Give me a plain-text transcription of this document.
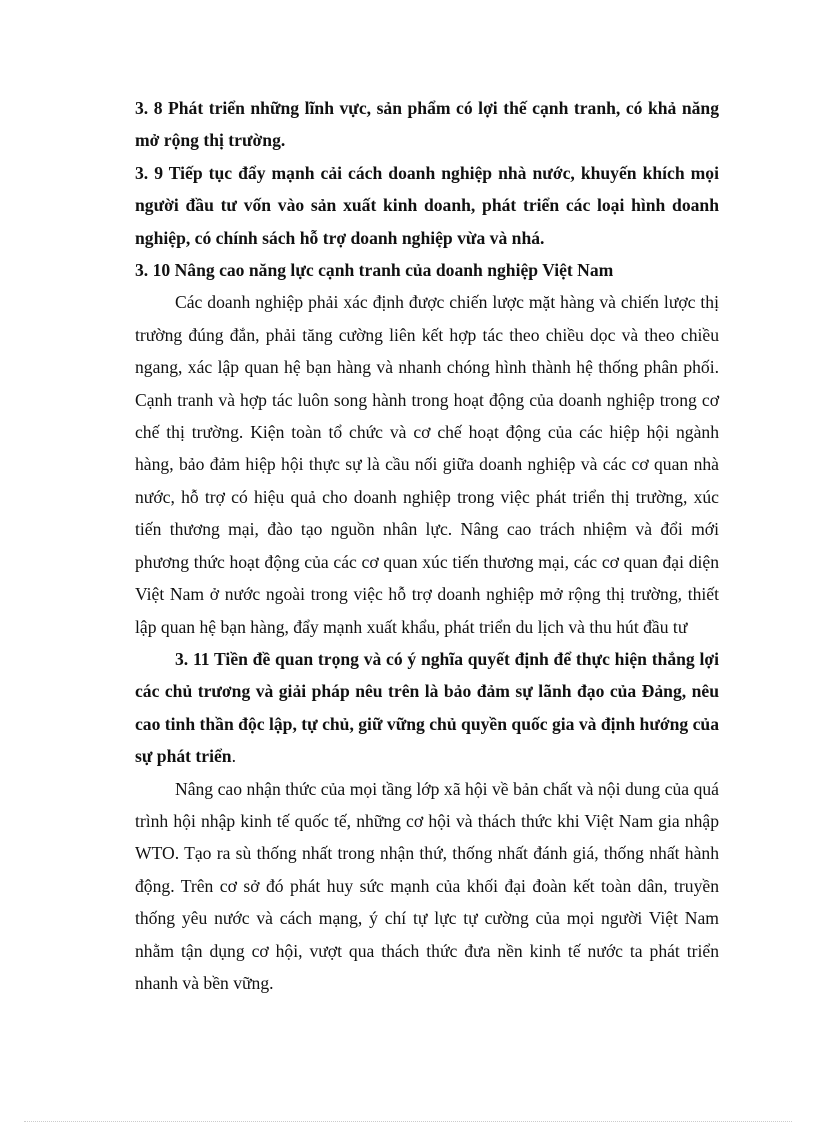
3. 8 Phát triển những lĩnh vực, sản phẩm có lợi thế cạnh tranh, có khả năng mở rộng thị trường.

3. 9 Tiếp tục đẩy mạnh cải cách doanh nghiệp nhà nước, khuyến khích mọi người đầu tư vốn vào sản xuất kinh doanh, phát triển các loại hình doanh nghiệp, có chính sách hỗ trợ doanh nghiệp vừa và nhá.

3. 10 Nâng cao năng lực cạnh tranh của doanh nghiệp Việt Nam

Các doanh nghiệp phải xác định được chiến lược mặt hàng và chiến lược thị trường đúng đắn, phải tăng cường liên kết hợp tác theo chiều dọc và theo chiều ngang, xác lập quan hệ bạn hàng và nhanh chóng hình thành hệ thống phân phối. Cạnh tranh và hợp tác luôn song hành trong hoạt động của doanh nghiệp trong cơ chế thị trường. Kiện toàn tổ chức và cơ chế hoạt động của các hiệp hội ngành hàng, bảo đảm hiệp hội thực sự là cầu nối giữa doanh nghiệp và các cơ quan nhà nước, hỗ trợ có hiệu quả cho doanh nghiệp trong việc phát triển thị trường, xúc tiến thương mại, đào tạo nguồn nhân lực. Nâng cao trách nhiệm và đổi mới phương thức hoạt động của các cơ quan xúc tiến thương mại, các cơ quan đại diện Việt Nam ở nước ngoài trong việc hỗ trợ doanh nghiệp mở rộng thị trường, thiết lập quan hệ bạn hàng, đẩy mạnh xuất khẩu, phát triển du lịch và thu hút đầu tư

3. 11 Tiền đề quan trọng và có ý nghĩa quyết định để thực hiện thắng lợi các chủ trương và giải pháp nêu trên là bảo đảm sự lãnh đạo của Đảng, nêu cao tinh thần độc lập, tự chủ, giữ vững chủ quyền quốc gia và định hướng của sự phát triển.

Nâng cao nhận thức của mọi tầng lớp xã hội về bản chất và nội dung của quá trình hội nhập kinh tế quốc tế, những cơ hội và thách thức khi Việt Nam gia nhập WTO. Tạo ra sù thống nhất trong nhận thứ, thống nhất đánh giá, thống nhất hành động. Trên cơ sở đó phát huy sức mạnh của khối đại đoàn kết toàn dân, truyền thống yêu nước và cách mạng, ý chí tự lực tự cường của mọi người Việt Nam nhằm tận dụng cơ hội, vượt qua thách thức đưa nền kinh tế nước ta phát triển nhanh và bền vững.
